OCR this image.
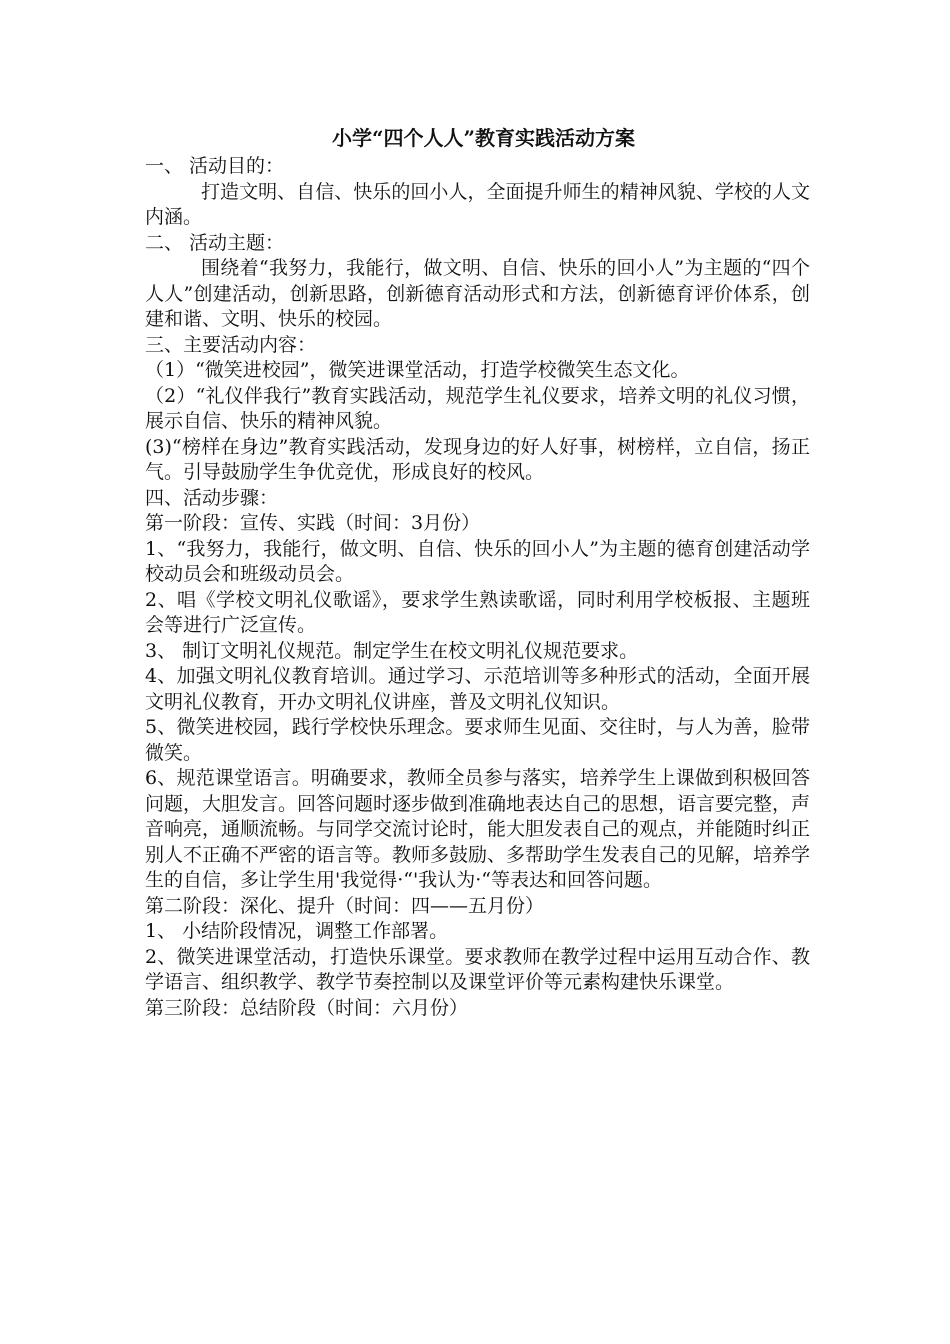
小学“四个人人”教育实践活动方案

一、 活动目的：

打造文明、自信、快乐的回小人，全面提升师生的精神风貌、学校的人文内涵。

二、 活动主题：

围绕着“我努力，我能行，做文明、自信、快乐的回小人”为主题的“四个人人”创建活动，创新思路，创新德育活动形式和方法，创新德育评价体系，创建和谐、文明、快乐的校园。

三、主要活动内容：

（1）“微笑进校园”，微笑进课堂活动，打造学校微笑生态文化。

（2）“礼仪伴我行”教育实践活动，规范学生礼仪要求，培养文明的礼仪习惯，展示自信、快乐的精神风貌。

(3)“榜样在身边”教育实践活动，发现身边的好人好事，树榜样，立自信，扬正气。引导鼓励学生争优竞优，形成良好的校风。

四、活动步骤：

第一阶段：宣传、实践（时间：3月份）

1、“我努力，我能行，做文明、自信、快乐的回小人”为主题的德育创建活动学校动员会和班级动员会。

2、唱《学校文明礼仪歌谣》，要求学生熟读歌谣，同时利用学校板报、主题班会等进行广泛宣传。

3、 制订文明礼仪规范。制定学生在校文明礼仪规范要求。

4、加强文明礼仪教育培训。通过学习、示范培训等多种形式的活动，全面开展文明礼仪教育，开办文明礼仪讲座，普及文明礼仪知识。

5、微笑进校园，践行学校快乐理念。要求师生见面、交往时，与人为善，脸带微笑。

6、规范课堂语言。明确要求，教师全员参与落实，培养学生上课做到积极回答问题，大胆发言。回答问题时逐步做到准确地表达自己的思想，语言要完整，声音响亮，通顺流畅。与同学交流讨论时，能大胆发表自己的观点，并能随时纠正别人不正确不严密的语言等。教师多鼓励、多帮助学生发表自己的见解，培养学生的自信，多让学生用'我觉得·“'我认为·“等表达和回答问题。

第二阶段：深化、提升（时间：四——五月份）

1、 小结阶段情况，调整工作部署。

2、微笑进课堂活动，打造快乐课堂。要求教师在教学过程中运用互动合作、教学语言、组织教学、教学节奏控制以及课堂评价等元素构建快乐课堂。

第三阶段：总结阶段（时间：六月份）
